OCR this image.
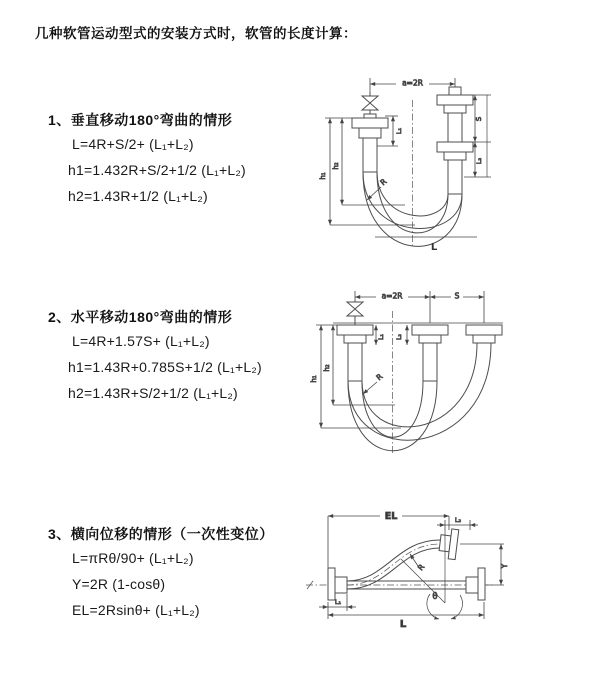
几种软管运动型式的安装方式时，软管的长度计算：
1、垂直移动180°弯曲的情形
L=4R+S/2+ (L₁+L₂)
h1=1.432R+S/2+1/2 (L₁+L₂)
h2=1.43R+1/2 (L₁+L₂)
2、水平移动180°弯曲的情形
L=4R+1.57S+ (L₁+L₂)
h1=1.43R+0.785S+1/2 (L₁+L₂)
h2=1.43R+S/2+1/2 (L₁+L₂)
3、横向位移的情形（一次性变位）
L=πRθ/90+ (L₁+L₂)
Y=2R (1-cosθ)
EL=2Rsinθ+ (L₁+L₂)
a=2R
h₁
h₂
L₁
S
L₂
R
L
a=2R	S
h₁
h₂
L₁ L₂
R
θ
EL	L₂
Y
R
L₁
L
